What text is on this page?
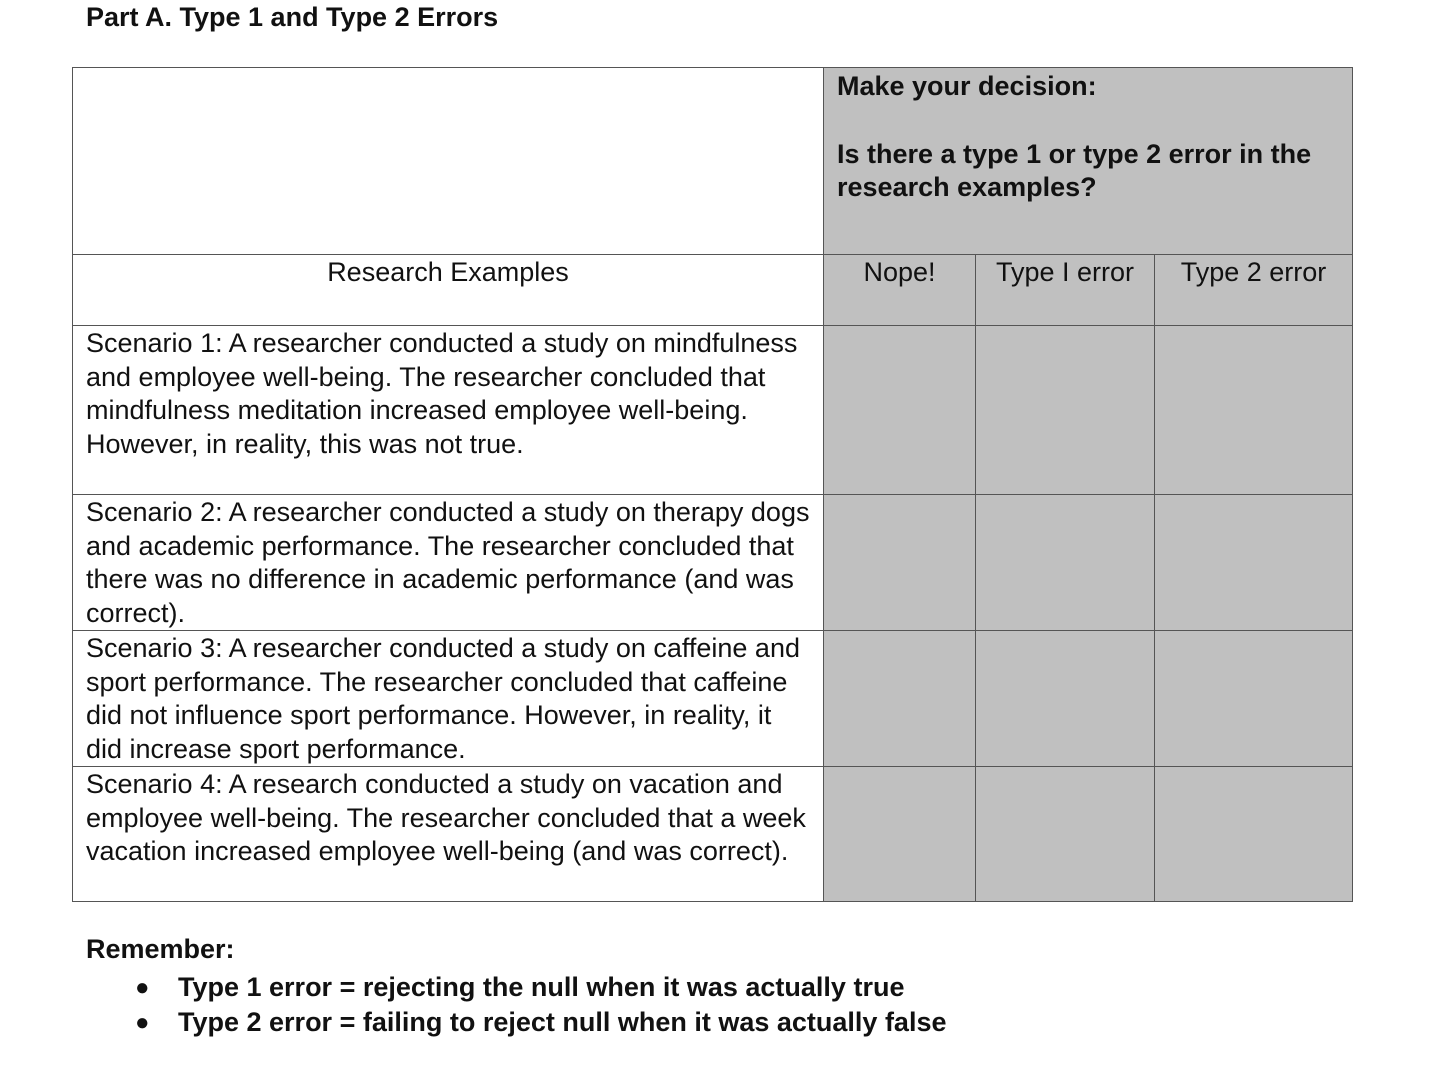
Part A. Type 1 and Type 2 Errors

	Make your decision:
Is there a type 1 or type 2 error in the research examples?		

Research Examples	Nope!	Type I error	Type 2 error
Scenario 1: A researcher conducted a study on mindfulness and employee well-being. The researcher concluded that mindfulness meditation increased employee well-being. However, in reality, this was not true.			
Scenario 2: A researcher conducted a study on therapy dogs and academic performance. The researcher concluded that there was no difference in academic performance (and was correct).			
Scenario 3: A researcher conducted a study on caffeine and sport performance. The researcher concluded that caffeine did not influence sport performance. However, in reality, it did increase sport performance.			
Scenario 4: A research conducted a study on vacation and employee well-being. The researcher concluded that a week vacation increased employee well-being (and was correct).			
Remember:
● Type 1 error = rejecting the null when it was actually true
● Type 2 error = failing to reject null when it was actually false
